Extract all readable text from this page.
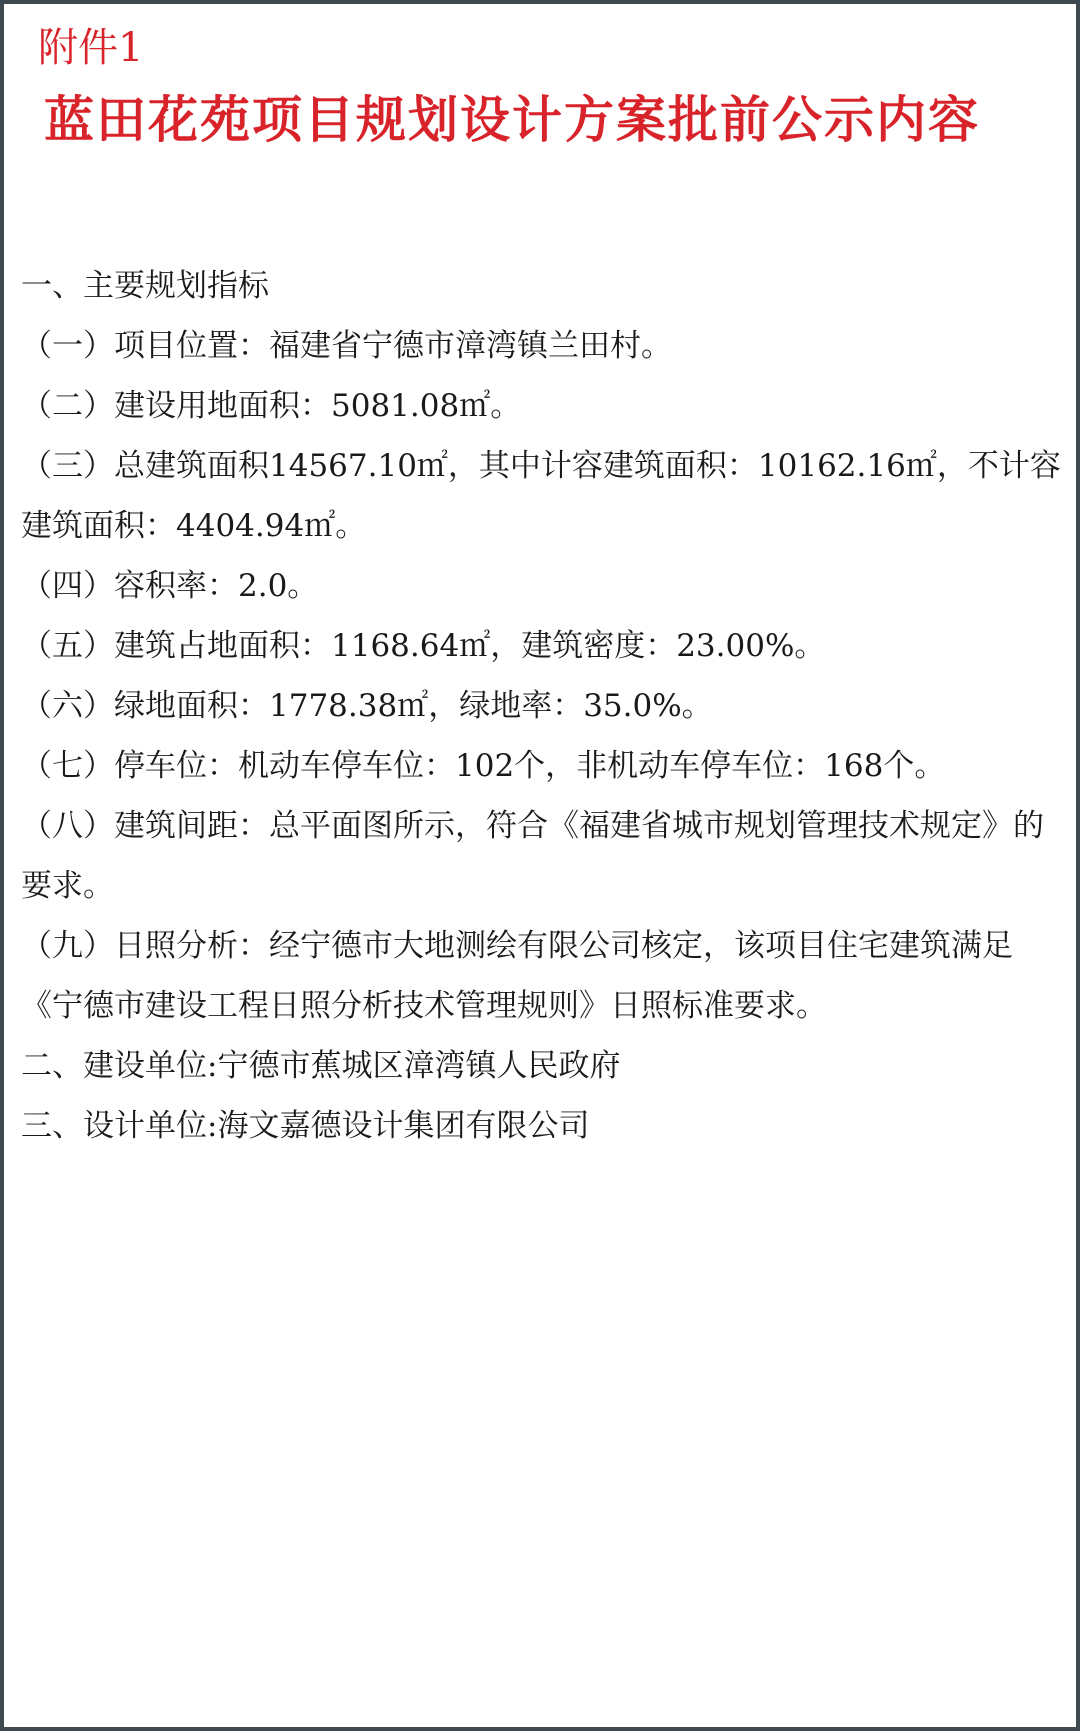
附件1
蓝田花苑项目规划设计方案批前公示内容

一、主要规划指标

（一）项目位置：福建省宁德市漳湾镇兰田村。

（二）建设用地面积：5081.08㎡。

（三）总建筑面积14567.10㎡，其中计容建筑面积：10162.16㎡，不计容建筑面积：4404.94㎡。

（四）容积率：2.0。

（五）建筑占地面积：1168.64㎡，建筑密度：23.00%。

（六）绿地面积：1778.38㎡，绿地率：35.0%。

（七）停车位：机动车停车位：102个，非机动车停车位：168个。

（八）建筑间距：总平面图所示，符合《福建省城市规划管理技术规定》的要求。

（九）日照分析：经宁德市大地测绘有限公司核定，该项目住宅建筑满足《宁德市建设工程日照分析技术管理规则》日照标准要求。

二、建设单位:宁德市蕉城区漳湾镇人民政府

三、设计单位:海文嘉德设计集团有限公司
